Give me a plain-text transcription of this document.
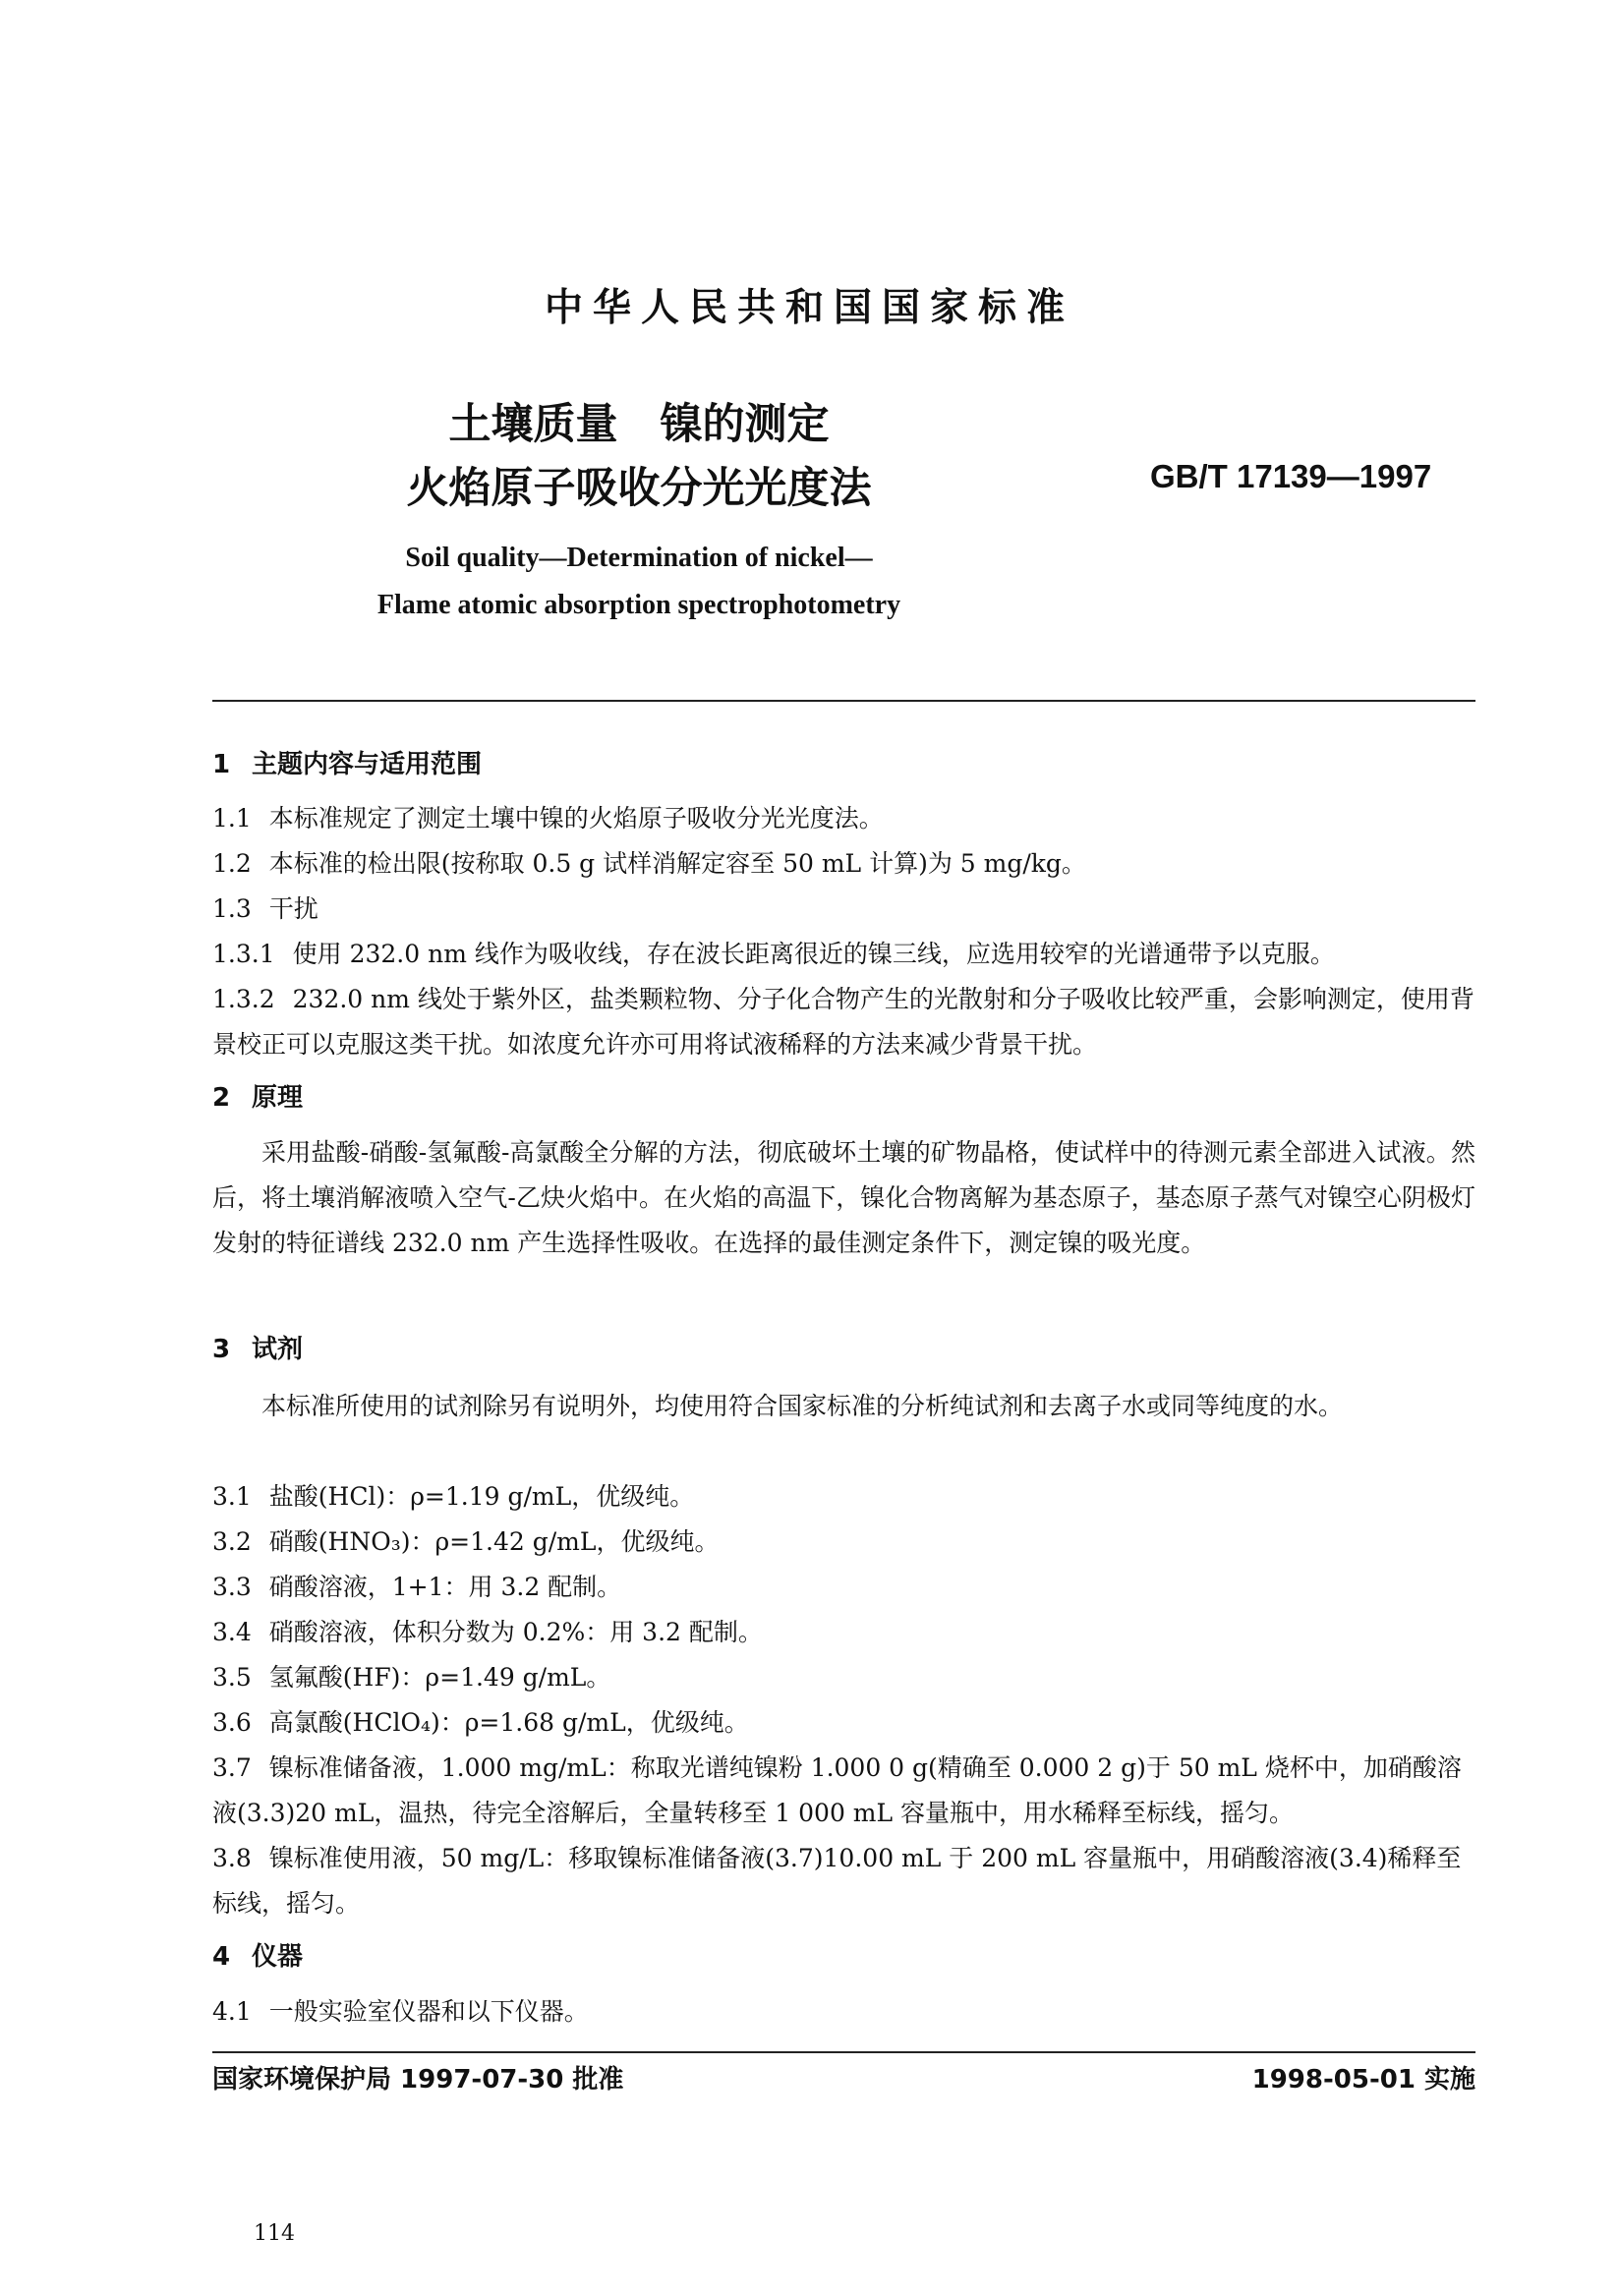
中华人民共和国国家标准
土壤质量　镍的测定
火焰原子吸收分光光度法	GB/T 17139—1997
Soil quality—Determination of nickel—
Flame atomic absorption spectrophotometry
1 主题内容与适用范围
1.1 本标准规定了测定土壤中镍的火焰原子吸收分光光度法。
1.2 本标准的检出限(按称取 0.5 g 试样消解定容至 50 mL 计算)为 5 mg/kg。
1.3 干扰
1.3.1 使用 232.0 nm 线作为吸收线，存在波长距离很近的镍三线，应选用较窄的光谱通带予以克服。
1.3.2 232.0 nm 线处于紫外区，盐类颗粒物、分子化合物产生的光散射和分子吸收比较严重，会影响测定，使用背景校正可以克服这类干扰。如浓度允许亦可用将试液稀释的方法来减少背景干扰。
2 原理
采用盐酸-硝酸-氢氟酸-高氯酸全分解的方法，彻底破坏土壤的矿物晶格，使试样中的待测元素全部进入试液。然后，将土壤消解液喷入空气-乙炔火焰中。在火焰的高温下，镍化合物离解为基态原子，基态原子蒸气对镍空心阴极灯发射的特征谱线 232.0 nm 产生选择性吸收。在选择的最佳测定条件下，测定镍的吸光度。
3 试剂
本标准所使用的试剂除另有说明外，均使用符合国家标准的分析纯试剂和去离子水或同等纯度的水。
3.1 盐酸(HCl)：ρ=1.19 g/mL，优级纯。
3.2 硝酸(HNO₃)：ρ=1.42 g/mL，优级纯。
3.3 硝酸溶液，1+1：用 3.2 配制。
3.4 硝酸溶液，体积分数为 0.2%：用 3.2 配制。
3.5 氢氟酸(HF)：ρ=1.49 g/mL。
3.6 高氯酸(HClO₄)：ρ=1.68 g/mL，优级纯。
3.7 镍标准储备液，1.000 mg/mL：称取光谱纯镍粉 1.000 0 g(精确至 0.000 2 g)于 50 mL 烧杯中，加硝酸溶液(3.3)20 mL，温热，待完全溶解后，全量转移至 1 000 mL 容量瓶中，用水稀释至标线，摇匀。
3.8 镍标准使用液，50 mg/L：移取镍标准储备液(3.7)10.00 mL 于 200 mL 容量瓶中，用硝酸溶液(3.4)稀释至标线，摇匀。
4 仪器
4.1 一般实验室仪器和以下仪器。
国家环境保护局 1997-07-30 批准	1998-05-01 实施
114
